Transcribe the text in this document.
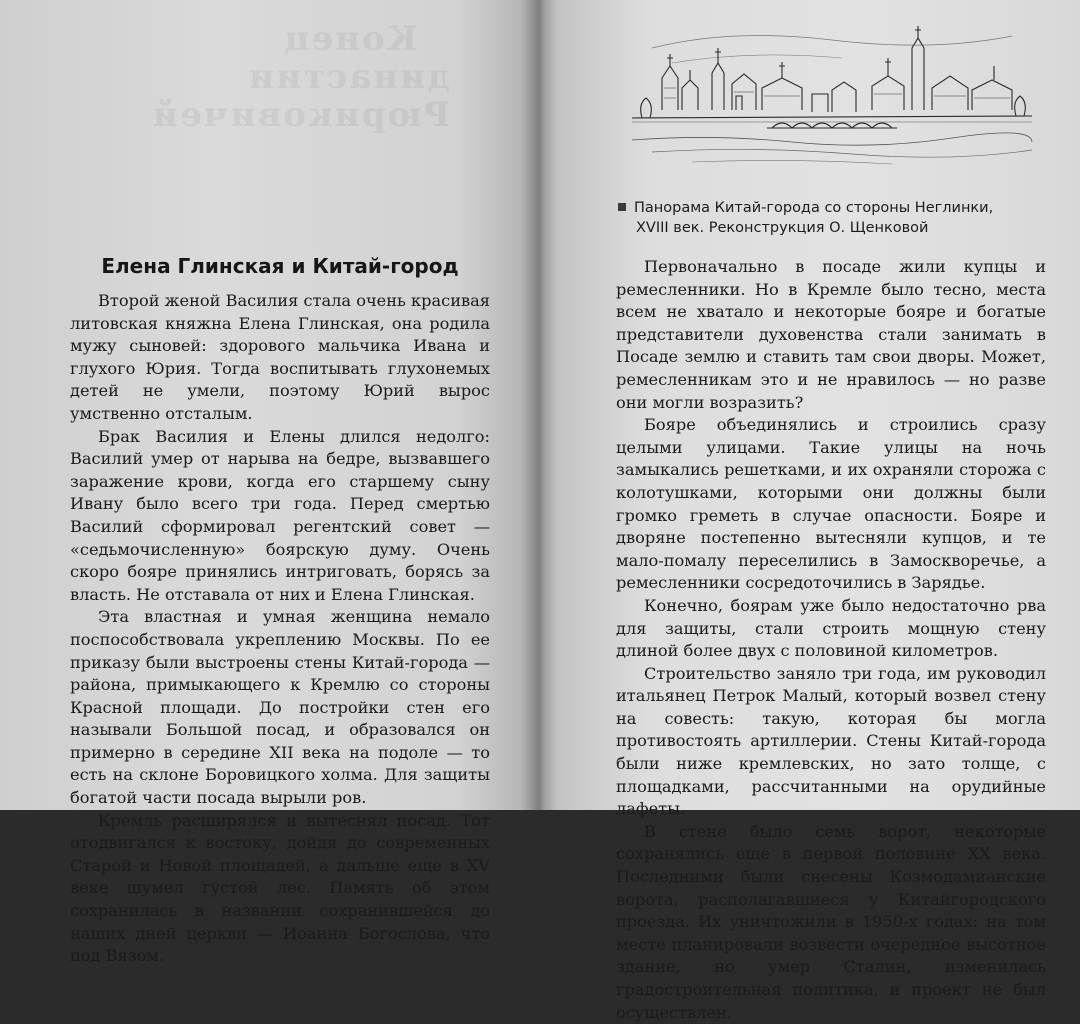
Конец
династии
Рюриковичей
Елена Глинская и Китай-город

Второй женой Василия стала очень красивая литовская княжна Елена Глинская, она родила мужу сыновей: здорового мальчика Ивана и глухого Юрия. Тогда воспитывать глухонемых детей не умели, поэтому Юрий вырос умственно отсталым.

Брак Василия и Елены длился недолго: Василий умер от нарыва на бедре, вызвавшего заражение крови, когда его старшему сыну Ивану было всего три года. Перед смертью Василий сформировал регентский совет — «седьмочисленную» боярскую думу. Очень скоро бояре принялись интриговать, борясь за власть. Не отставала от них и Елена Глинская.

Эта властная и умная женщина немало поспособствовала укреплению Москвы. По ее приказу были выстроены стены Китай-города — района, примыкающего к Кремлю со стороны Красной площади. До постройки стен его называли Большой посад, и образовался он примерно в середине XII века на подоле — то есть на склоне Боровицкого холма. Для защиты богатой части посада вырыли ров.

Кремль расширялся и вытеснял посад. Тот отодвигался к востоку, дойдя до современных Старой и Новой площадей, а дальше еще в XV веке шумел густой лес. Память об этом сохранилась в названии сохранившейся до наших дней церкви — Иоанна Богослова, что под Вязом.

Панорама Китай-города со стороны Неглинки,
XVIII век. Реконструкция О. Щенковой

Первоначально в посаде жили купцы и ремесленники. Но в Кремле было тесно, места всем не хватало и некоторые бояре и богатые представители духовенства стали занимать в Посаде землю и ставить там свои дворы. Может, ремесленникам это и не нравилось — но разве они могли возразить?

Бояре объединялись и строились сразу целыми улицами. Такие улицы на ночь замыкались решетками, и их охраняли сторожа с колотушками, которыми они должны были громко греметь в случае опасности. Бояре и дворяне постепенно вытесняли купцов, и те мало-помалу переселились в Замоскворечье, а ремесленники сосредоточились в Зарядье.

Конечно, боярам уже было недостаточно рва для защиты, стали строить мощную стену длиной более двух с половиной километров.

Строительство заняло три года, им руководил итальянец Петрок Малый, который возвел стену на совесть: такую, которая бы могла противостоять артиллерии. Стены Китай-города были ниже кремлевских, но зато толще, с площадками, рассчитанными на орудийные лафеты.

В стене было семь ворот, некоторые сохранялись еще в первой половине XX века. Последними были снесены Козмодамианские ворота, располагавшиеся у Китайгородского проезда. Их уничтожили в 1950-х годах: на том месте планировали возвести очередное высотное здание, но умер Сталин, изменилась градостроительная политика, и проект не был осуществлен.
